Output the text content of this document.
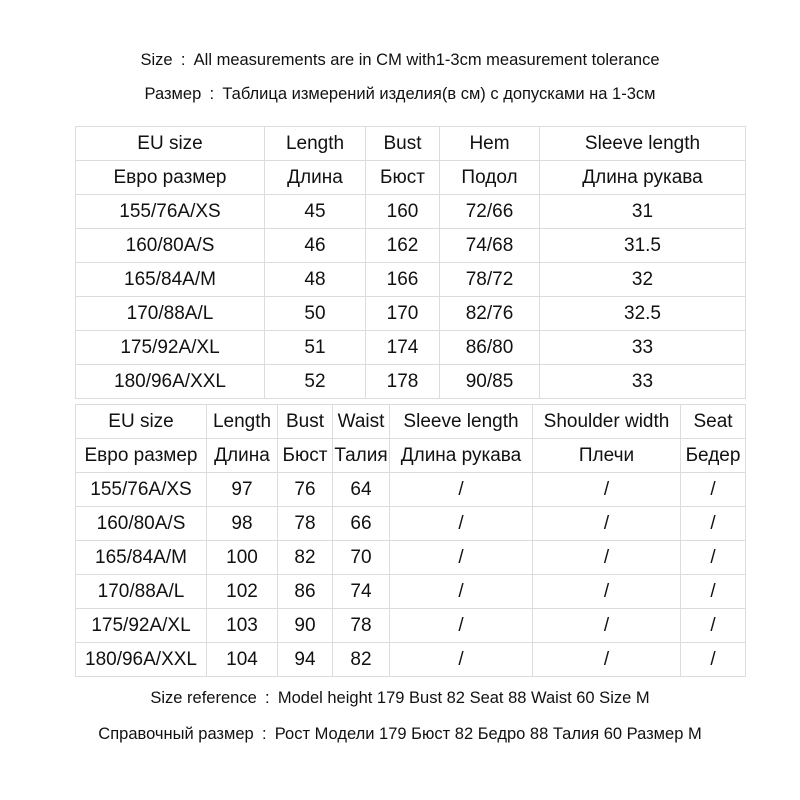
Size : All measurements are in CM with1-3cm measurement tolerance
Размер : Таблица измерений изделия(в см) с допусками на 1-3см
EU size	Length	Bust	Hem	Sleeve length
Евро размер	Длина	Бюст	Подол	Длина рукава
155/76A/XS	45	160	72/66	31
160/80A/S	46	162	74/68	31.5
165/84A/M	48	166	78/72	32
170/88A/L	50	170	82/76	32.5
175/92A/XL	51	174	86/80	33
180/96A/XXL	52	178	90/85	33
EU size	Length	Bust	Waist	Sleeve length	Shoulder width	Seat
Евро размер	Длина	Бюст	Талия	Длина рукава	Плечи	Бедер
155/76A/XS	97	76	64	/	/	/
160/80A/S	98	78	66	/	/	/
165/84A/M	100	82	70	/	/	/
170/88A/L	102	86	74	/	/	/
175/92A/XL	103	90	78	/	/	/
180/96A/XXL	104	94	82	/	/	/
Size reference : Model height 179 Bust 82 Seat 88 Waist 60 Size M
Справочный размер : Рост Модели 179 Бюст 82 Бедро 88 Талия 60 Размер M
